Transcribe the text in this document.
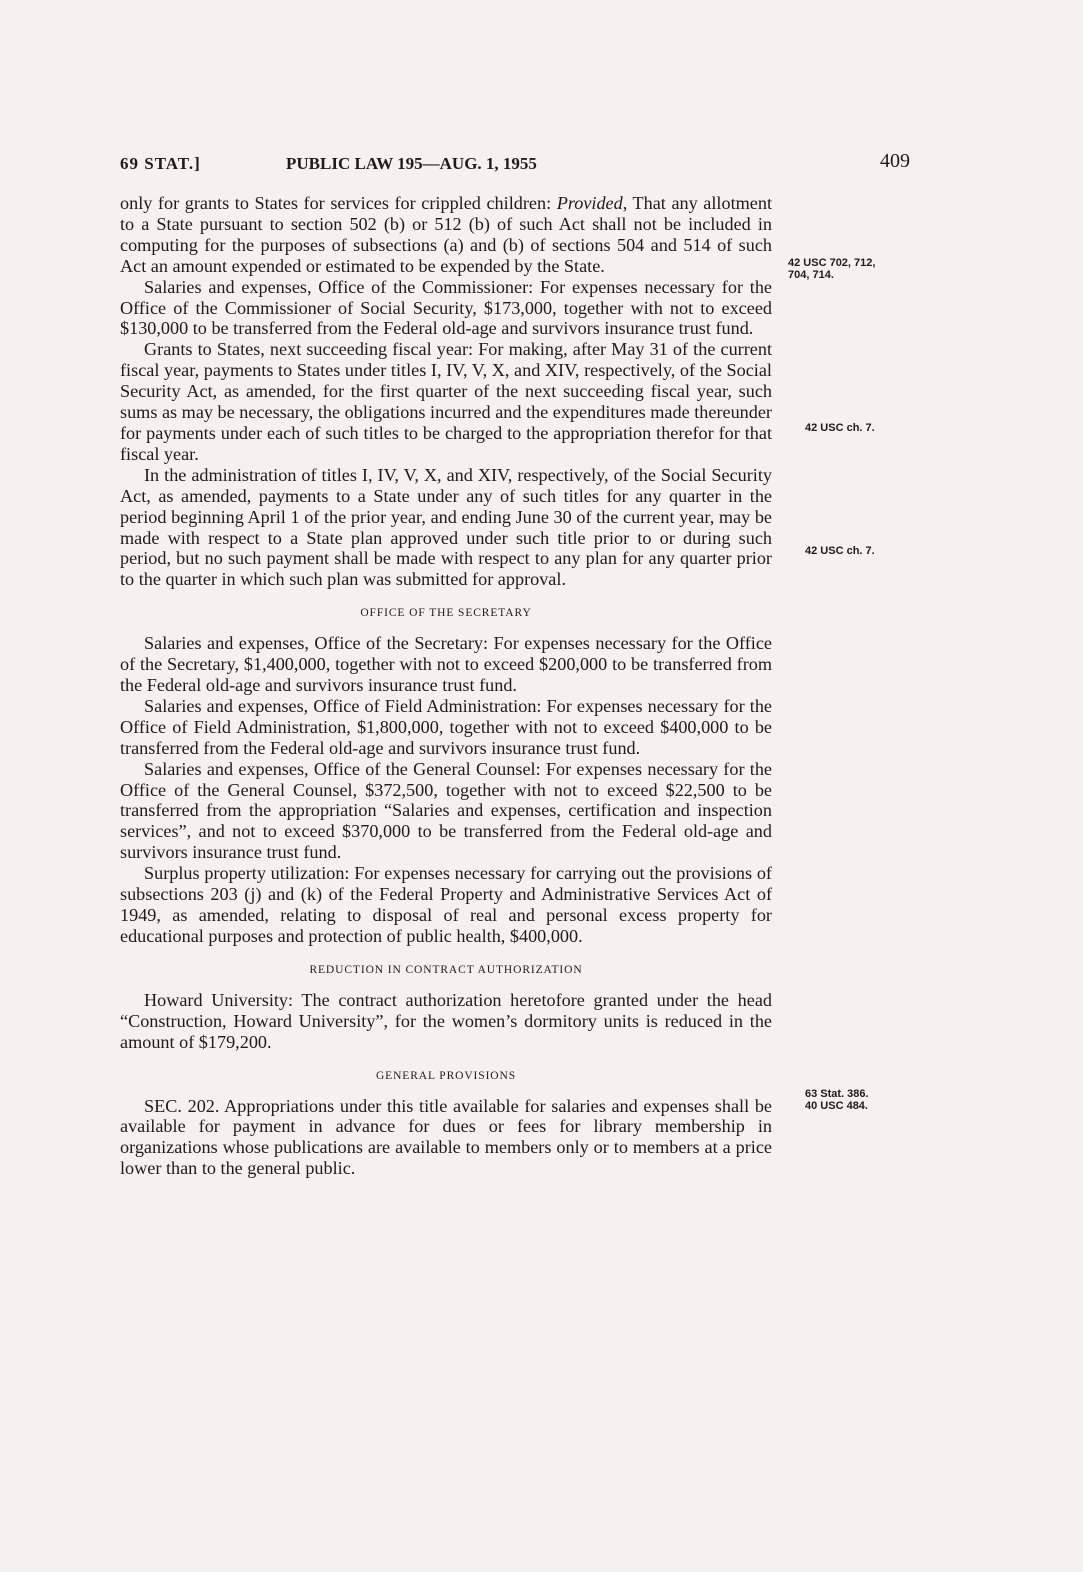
69 STAT.]	PUBLIC LAW 195—AUG. 1, 1955	409

only for grants to States for services for crippled children: Provided, That any allotment to a State pursuant to section 502 (b) or 512 (b) of such Act shall not be included in computing for the purposes of subsections (a) and (b) of sections 504 and 514 of such Act an amount expended or estimated to be expended by the State.

Salaries and expenses, Office of the Commissioner: For expenses necessary for the Office of the Commissioner of Social Security, $173,000, together with not to exceed $130,000 to be transferred from the Federal old-age and survivors insurance trust fund.

Grants to States, next succeeding fiscal year: For making, after May 31 of the current fiscal year, payments to States under titles I, IV, V, X, and XIV, respectively, of the Social Security Act, as amended, for the first quarter of the next succeeding fiscal year, such sums as may be necessary, the obligations incurred and the expenditures made thereunder for payments under each of such titles to be charged to the appropriation therefor for that fiscal year.

In the administration of titles I, IV, V, X, and XIV, respectively, of the Social Security Act, as amended, payments to a State under any of such titles for any quarter in the period beginning April 1 of the prior year, and ending June 30 of the current year, may be made with respect to a State plan approved under such title prior to or during such period, but no such payment shall be made with respect to any plan for any quarter prior to the quarter in which such plan was submitted for approval.

OFFICE OF THE SECRETARY

Salaries and expenses, Office of the Secretary: For expenses necessary for the Office of the Secretary, $1,400,000, together with not to exceed $200,000 to be transferred from the Federal old-age and survivors insurance trust fund.

Salaries and expenses, Office of Field Administration: For expenses necessary for the Office of Field Administration, $1,800,000, together with not to exceed $400,000 to be transferred from the Federal old-age and survivors insurance trust fund.

Salaries and expenses, Office of the General Counsel: For expenses necessary for the Office of the General Counsel, $372,500, together with not to exceed $22,500 to be transferred from the appropriation “Salaries and expenses, certification and inspection services”, and not to exceed $370,000 to be transferred from the Federal old-age and survivors insurance trust fund.

Surplus property utilization: For expenses necessary for carrying out the provisions of subsections 203 (j) and (k) of the Federal Property and Administrative Services Act of 1949, as amended, relating to disposal of real and personal excess property for educational purposes and protection of public health, $400,000.

REDUCTION IN CONTRACT AUTHORIZATION

Howard University: The contract authorization heretofore granted under the head “Construction, Howard University”, for the women’s dormitory units is reduced in the amount of $179,200.

GENERAL PROVISIONS

SEC. 202. Appropriations under this title available for salaries and expenses shall be available for payment in advance for dues or fees for library membership in organizations whose publications are available to members only or to members at a price lower than to the general public.

42 USC 702, 712,
704, 714.
42 USC ch. 7.
42 USC ch. 7.
63 Stat. 386.
40 USC 484.
